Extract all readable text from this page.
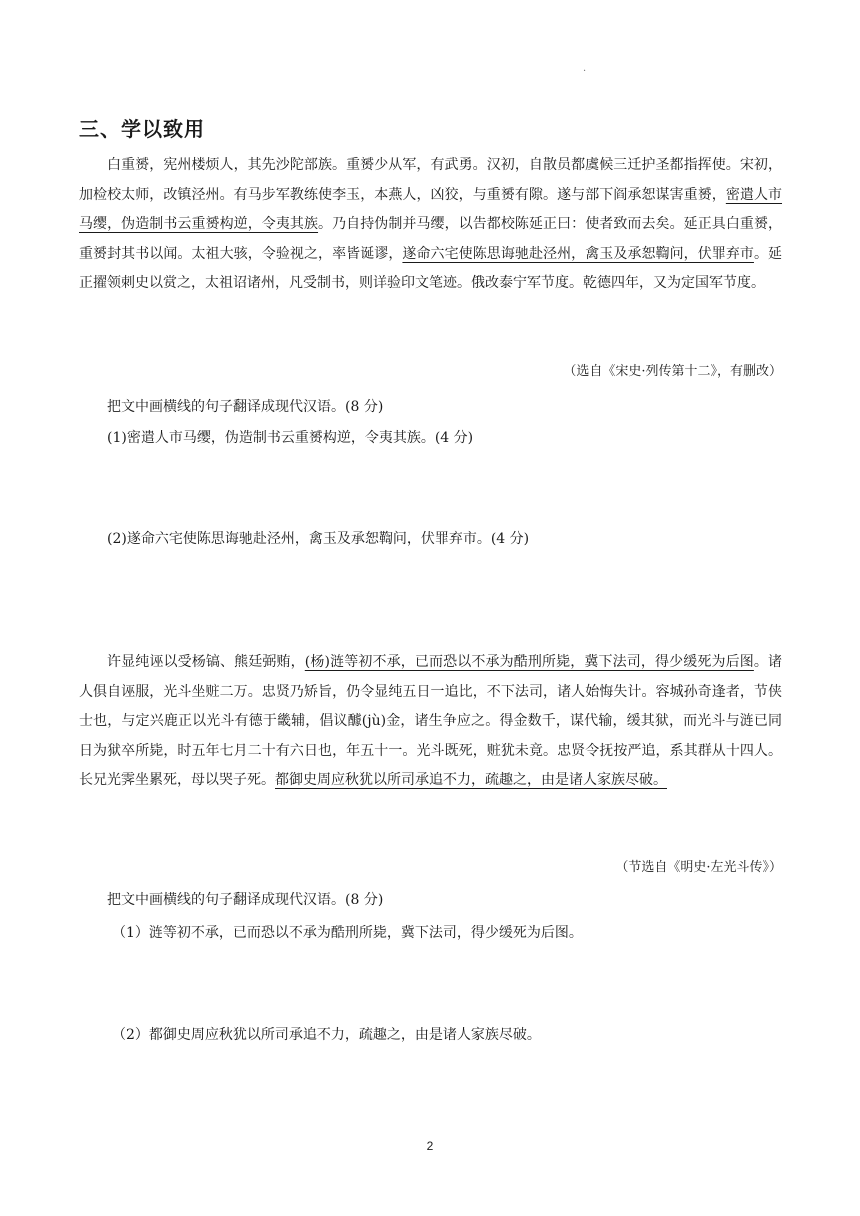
·
三、学以致用

白重赟，宪州楼烦人，其先沙陀部族。重赟少从军，有武勇。汉初，自散员都虞候三迁护圣都指挥使。宋初，加检校太师，改镇泾州。有马步军教练使李玉，本燕人，凶狡，与重赟有隙。遂与部下阎承恕谋害重赟，密遣人市马缨，伪造制书云重赟构逆，令夷其族。乃自持伪制并马缨，以告都校陈延正曰：使者致而去矣。延正具白重赟，重赟封其书以闻。太祖大骇，令验视之，率皆诞谬，遂命六宅使陈思诲驰赴泾州，禽玉及承恕鞫问，伏罪弃市。延正擢领刺史以赏之，太祖诏诸州，凡受制书，则详验印文笔迹。俄改泰宁军节度。乾德四年，又为定国军节度。

（选自《宋史·列传第十二》，有删改）
把文中画横线的句子翻译成现代汉语。(8 分)
(1)密遣人市马缨，伪造制书云重赟构逆，令夷其族。(4 分)
(2)遂命六宅使陈思诲驰赴泾州，禽玉及承恕鞫问，伏罪弃市。(4 分)

许显纯诬以受杨镐、熊廷弼贿，(杨)涟等初不承，已而恐以不承为酷刑所毙，冀下法司，得少缓死为后图。诸人俱自诬服，光斗坐赃二万。忠贤乃矫旨，仍令显纯五日一追比，不下法司，诸人始悔失计。容城孙奇逢者，节侠士也，与定兴鹿正以光斗有德于畿辅，倡议醵(jù)金，诸生争应之。得金数千，谋代输，缓其狱，而光斗与涟已同日为狱卒所毙，时五年七月二十有六日也，年五十一。光斗既死，赃犹未竟。忠贤令抚按严追，系其群从十四人。长兄光霁坐累死，母以哭子死。都御史周应秋犹以所司承追不力，疏趣之，由是诸人家族尽破。

（节选自《明史·左光斗传》）
把文中画横线的句子翻译成现代汉语。(8 分)
（1）涟等初不承，已而恐以不承为酷刑所毙，冀下法司，得少缓死为后图。
（2）都御史周应秋犹以所司承追不力，疏趣之，由是诸人家族尽破。
2
